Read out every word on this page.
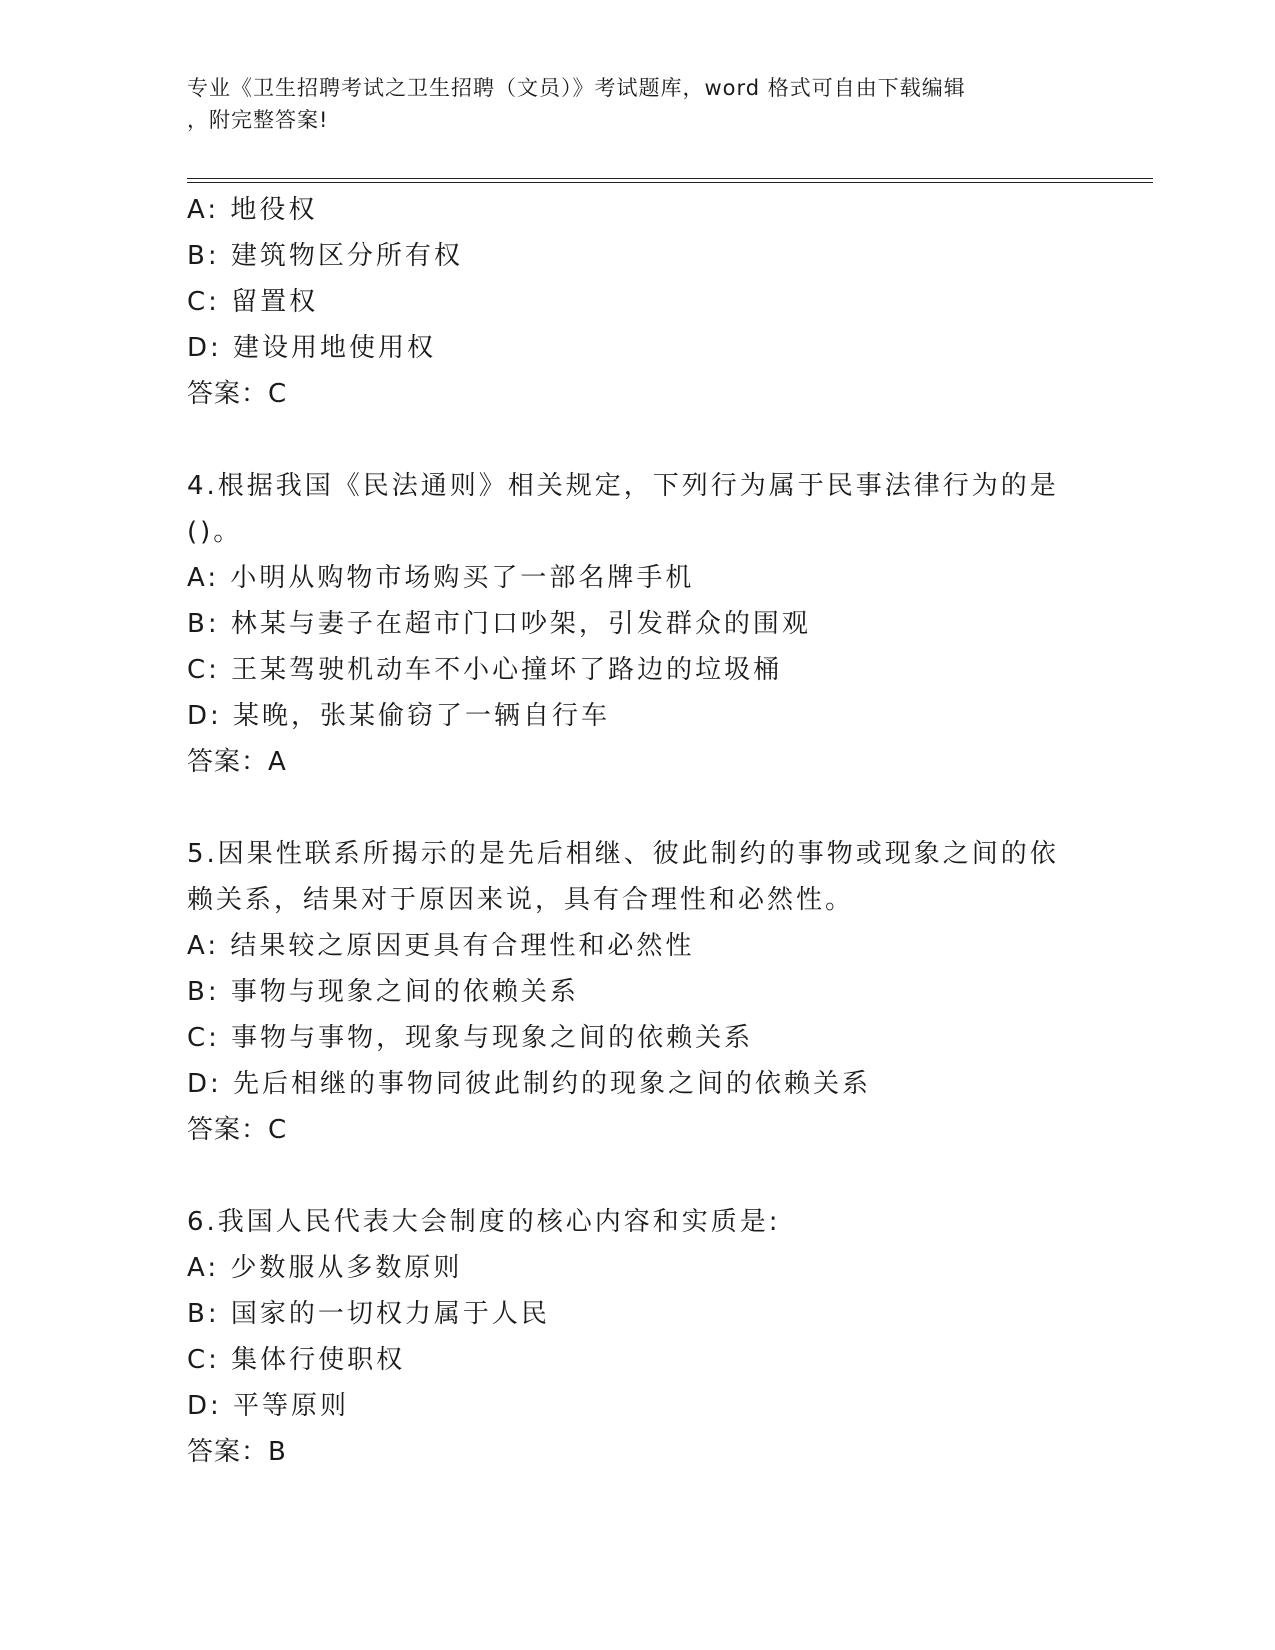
专业《卫生招聘考试之卫生招聘（文员）》考试题库，word 格式可自由下载编辑
，附完整答案!
A: 地役权
B: 建筑物区分所有权
C: 留置权
D: 建设用地使用权
答案：C
4.根据我国《民法通则》相关规定，下列行为属于民事法律行为的是
()。
A: 小明从购物市场购买了一部名牌手机
B: 林某与妻子在超市门口吵架，引发群众的围观
C: 王某驾驶机动车不小心撞坏了路边的垃圾桶
D: 某晚，张某偷窃了一辆自行车
答案：A
5.因果性联系所揭示的是先后相继、彼此制约的事物或现象之间的依
赖关系，结果对于原因来说，具有合理性和必然性。
A: 结果较之原因更具有合理性和必然性
B: 事物与现象之间的依赖关系
C: 事物与事物，现象与现象之间的依赖关系
D: 先后相继的事物同彼此制约的现象之间的依赖关系
答案：C
6.我国人民代表大会制度的核心内容和实质是:
A: 少数服从多数原则
B: 国家的一切权力属于人民
C: 集体行使职权
D: 平等原则
答案：B
